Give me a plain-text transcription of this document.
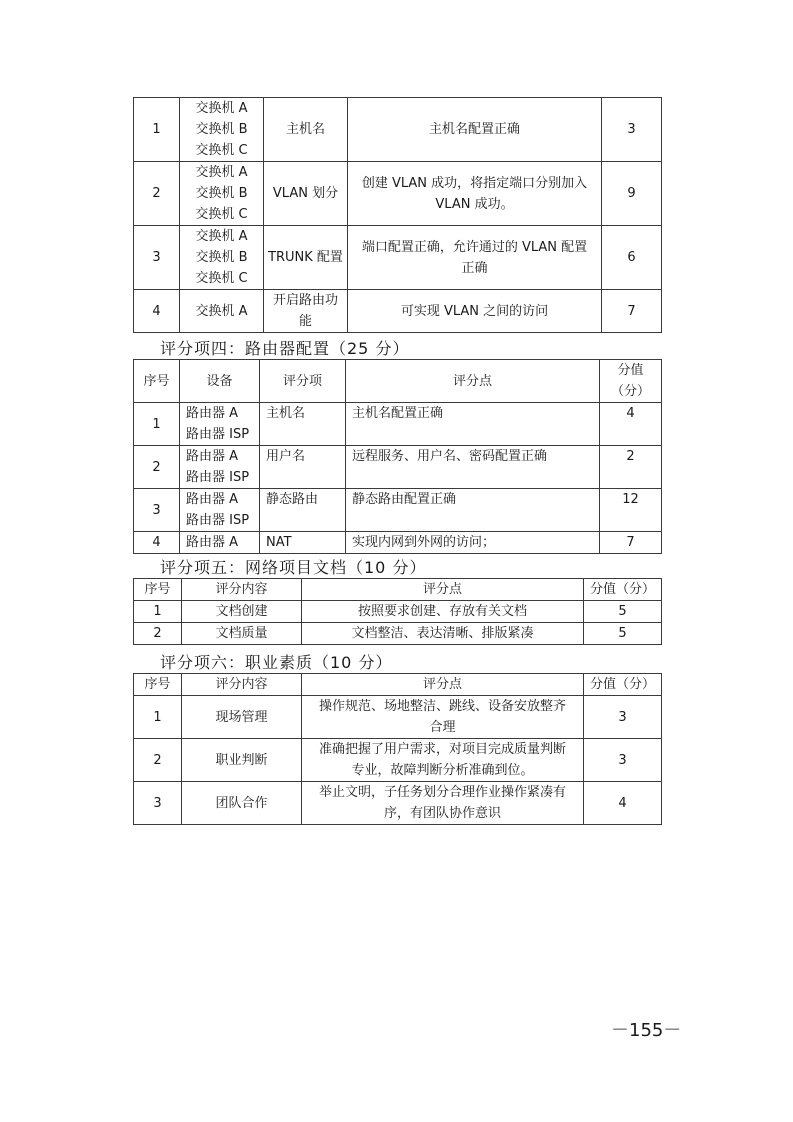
1	交换机 A
交换机 B
交换机 C	主机名	主机名配置正确	3
2	交换机 A
交换机 B
交换机 C	VLAN 划分	创建 VLAN 成功，将指定端口分别加入
VLAN 成功。	9
3	交换机 A
交换机 B
交换机 C	TRUNK 配置	端口配置正确，允许通过的 VLAN 配置
正确	6
4	交换机 A	开启路由功
能	可实现 VLAN 之间的访问	7
评分项四：路由器配置（25 分）
序号	设备	评分项	评分点	分值
（分）

1	路由器 A
路由器 ISP	主机名	主机名配置正确	4
2	路由器 A
路由器 ISP	用户名	远程服务、用户名、密码配置正确	2
3	路由器 A
路由器 ISP	静态路由	静态路由配置正确	12
4	路由器 A	NAT	实现内网到外网的访问；	7
评分项五：网络项目文档（10 分）
序号	评分内容	评分点	分值（分）
1	文档创建	按照要求创建、存放有关文档	5
2	文档质量	文档整洁、表达清晰、排版紧凑	5
评分项六：职业素质（10 分）
序号	评分内容	评分点	分值（分）
1	现场管理	操作规范、场地整洁、跳线、设备安放整齐
合理	3
2	职业判断	准确把握了用户需求，对项目完成质量判断
专业，故障判断分析准确到位。	3
3	团队合作	举止文明，子任务划分合理作业操作紧凑有
序，有团队协作意识	4
－155－
